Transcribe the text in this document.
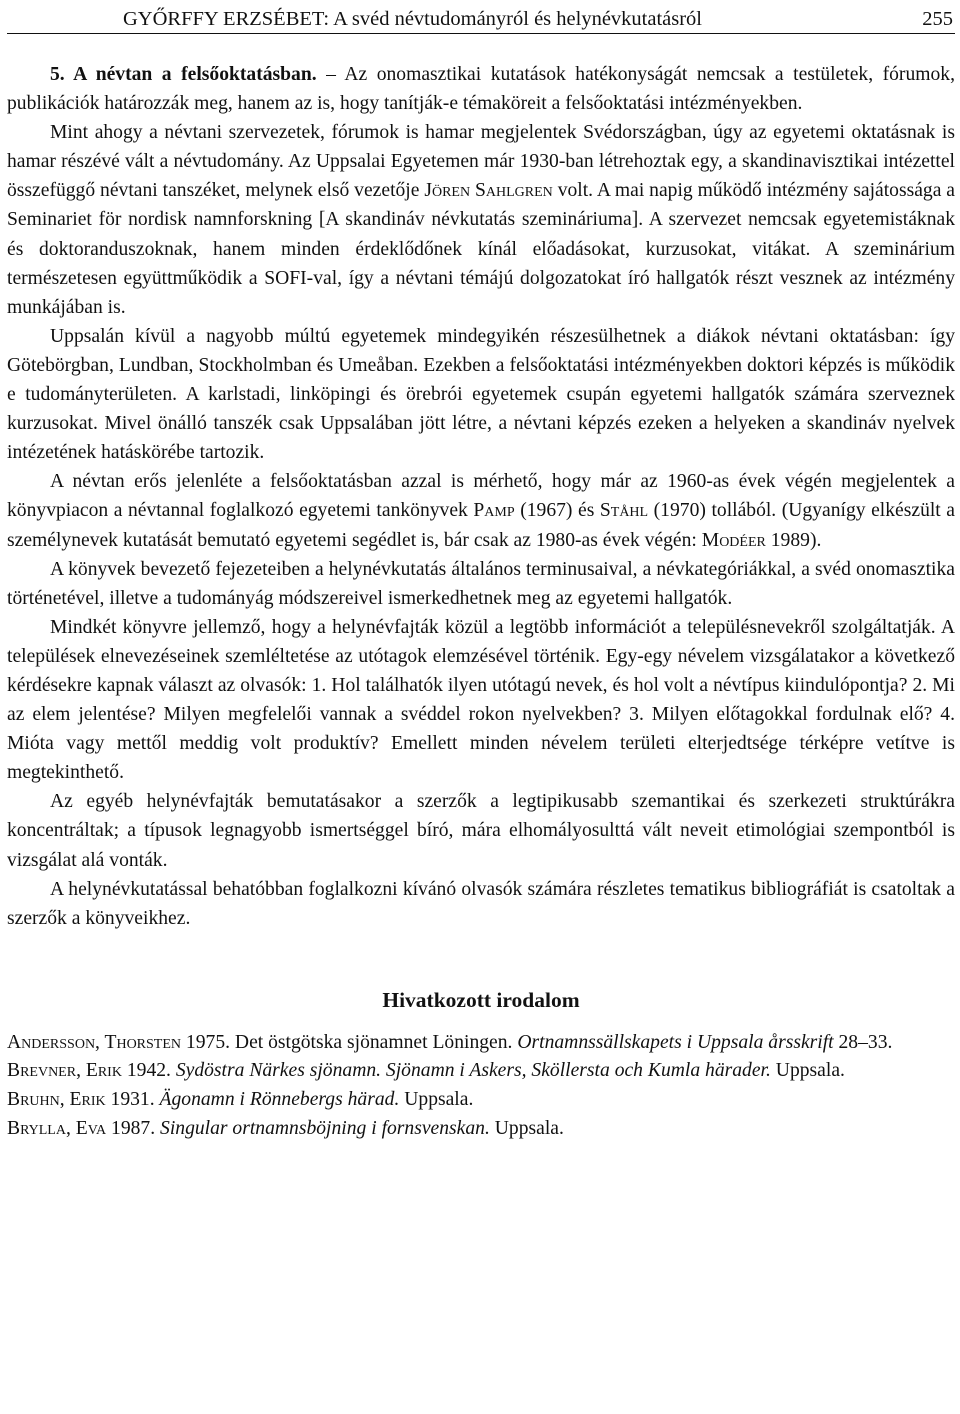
GYŐRFFY ERZSÉBET: A svéd névtudományról és helynévkutatásról	255

5. A névtan a felsőoktatásban. – Az onomasztikai kutatások hatékonyságát nemcsak a testületek, fórumok, publikációk határozzák meg, hanem az is, hogy tanítják-e témaköreit a felsőoktatási intézményekben.

Mint ahogy a névtani szervezetek, fórumok is hamar megjelentek Svédországban, úgy az egyetemi oktatásnak is hamar részévé vált a névtudomány. Az Uppsalai Egyetemen már 1930-ban létrehoztak egy, a skandinavisztikai intézettel összefüggő névtani tanszéket, melynek első vezetője Jören Sahlgren volt. A mai napig működő intézmény sajátossága a Seminariet för nordisk namnforskning [A skandináv névkutatás szemináriuma]. A szervezet nemcsak egyetemistáknak és doktoranduszoknak, hanem minden érdeklődőnek kínál előadásokat, kurzusokat, vitákat. A szeminárium természetesen együttműködik a SOFI-val, így a névtani témájú dolgozatokat író hallgatók részt vesznek az intézmény munkájában is.

Uppsalán kívül a nagyobb múltú egyetemek mindegyikén részesülhetnek a diákok névtani oktatásban: így Götebörgban, Lundban, Stockholmban és Umeåban. Ezekben a felsőoktatási intézményekben doktori képzés is működik e tudományterületen. A karlstadi, linköpingi és örebrói egyetemek csupán egyetemi hallgatók számára szerveznek kurzusokat. Mivel önálló tanszék csak Uppsalában jött létre, a névtani képzés ezeken a helyeken a skandináv nyelvek intézetének hatáskörébe tartozik.

A névtan erős jelenléte a felsőoktatásban azzal is mérhető, hogy már az 1960-as évek végén megjelentek a könyvpiacon a névtannal foglalkozó egyetemi tankönyvek Pamp (1967) és Ståhl (1970) tollából. (Ugyanígy elkészült a személynevek kutatását bemutató egyetemi segédlet is, bár csak az 1980-as évek végén: Modéer 1989).

A könyvek bevezető fejezeteiben a helynévkutatás általános terminusaival, a névkategóriákkal, a svéd onomasztika történetével, illetve a tudományág módszereivel ismerkedhetnek meg az egyetemi hallgatók.

Mindkét könyvre jellemző, hogy a helynévfajták közül a legtöbb információt a településnevekről szolgáltatják. A települések elnevezéseinek szemléltetése az utótagok elemzésével történik. Egy-egy névelem vizsgálatakor a következő kérdésekre kapnak választ az olvasók: 1. Hol találhatók ilyen utótagú nevek, és hol volt a névtípus kiindulópontja? 2. Mi az elem jelentése? Milyen megfelelői vannak a svéddel rokon nyelvekben? 3. Milyen előtagokkal fordulnak elő? 4. Mióta vagy mettől meddig volt produktív? Emellett minden névelem területi elterjedtsége térképre vetítve is megtekinthető.

Az egyéb helynévfajták bemutatásakor a szerzők a legtipikusabb szemantikai és szerkezeti struktúrákra koncentráltak; a típusok legnagyobb ismertséggel bíró, mára elhomályosulttá vált neveit etimológiai szempontból is vizsgálat alá vonták.

A helynévkutatással behatóbban foglalkozni kívánó olvasók számára részletes tematikus bibliográfiát is csatoltak a szerzők a könyveikhez.

Hivatkozott irodalom

Andersson, Thorsten 1975. Det östgötska sjönamnet Löningen. Ortnamnssällskapets i Uppsala årsskrift 28–33.

Brevner, Erik 1942. Sydöstra Närkes sjönamn. Sjönamn i Askers, Sköllersta och Kumla härader. Uppsala.

Bruhn, Erik 1931. Ägonamn i Rönnebergs härad. Uppsala.

Brylla, Eva 1987. Singular ortnamnsböjning i fornsvenskan. Uppsala.
